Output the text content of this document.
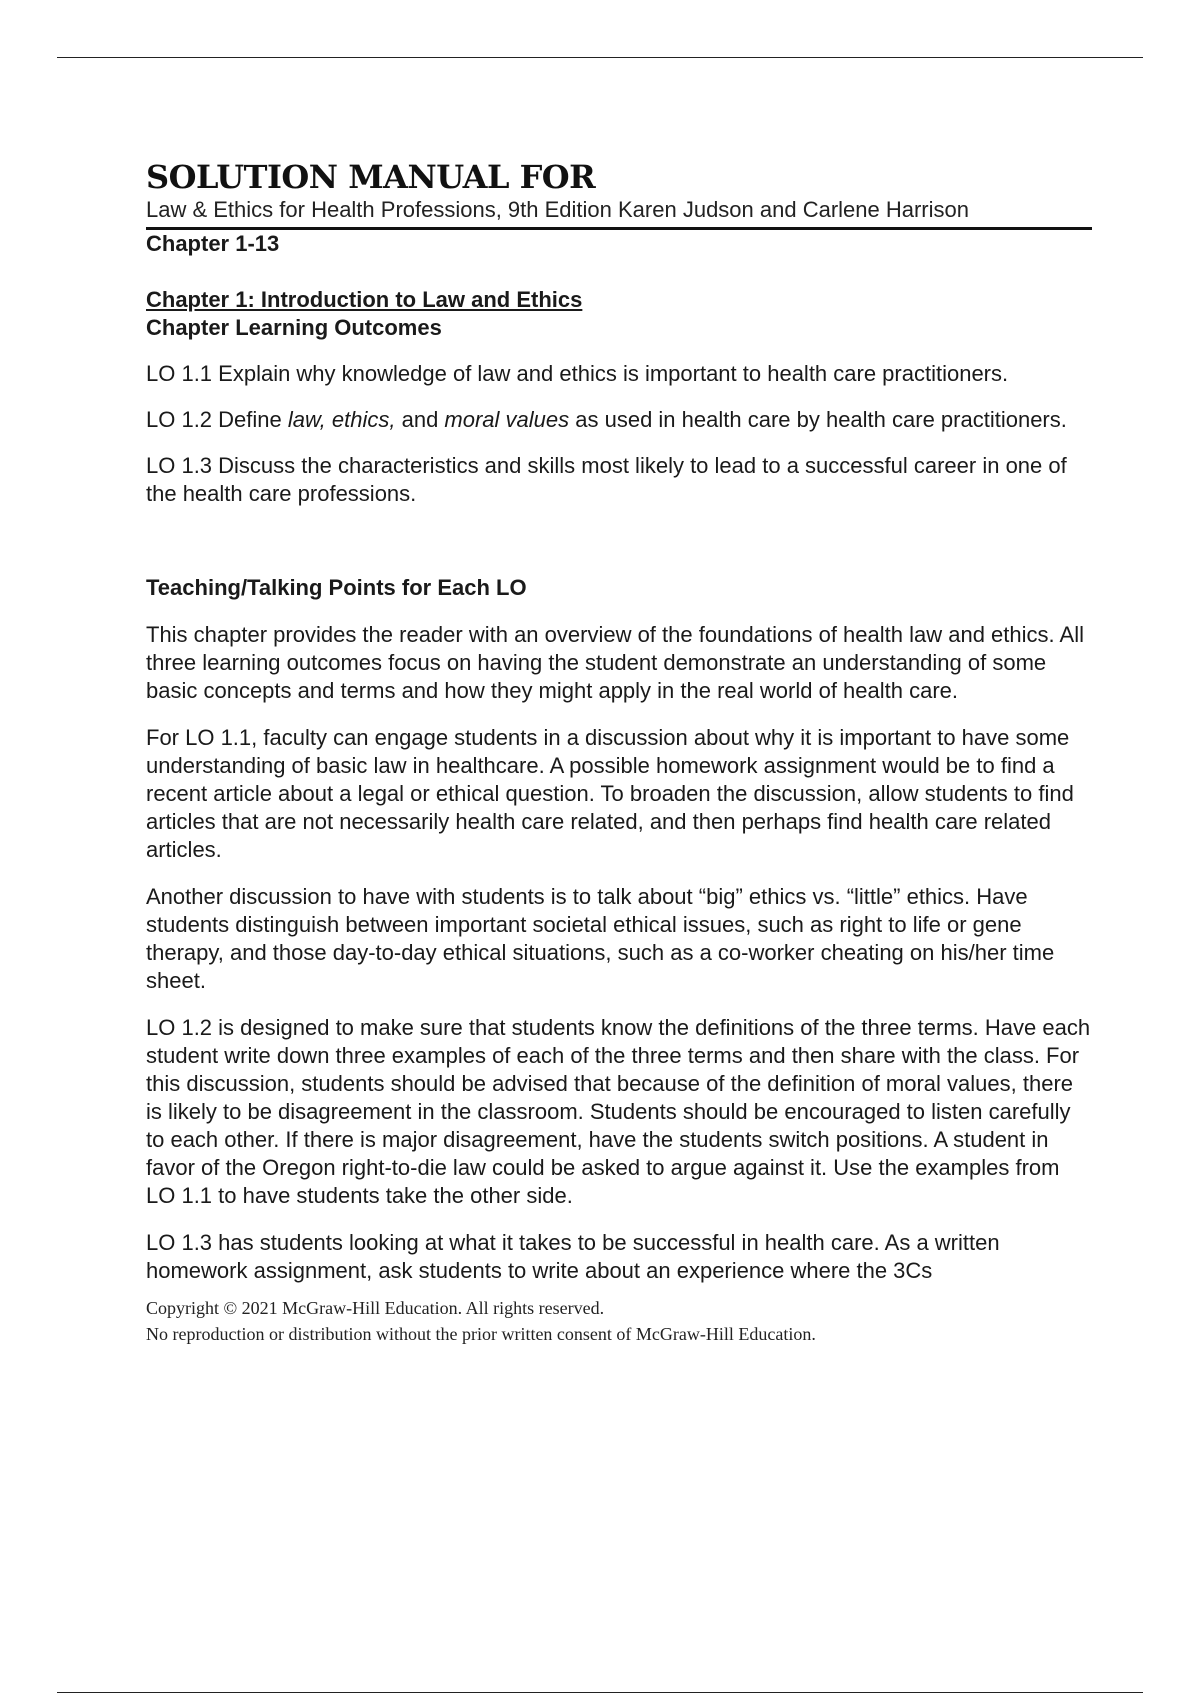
SOLUTION MANUAL FOR

Law & Ethics for Health Professions, 9th Edition Karen Judson and Carlene Harrison

Chapter 1-13

Chapter 1: Introduction to Law and Ethics

Chapter Learning Outcomes

LO 1.1 Explain why knowledge of law and ethics is important to health care practitioners.

LO 1.2 Define law, ethics, and moral values as used in health care by health care practitioners.

LO 1.3 Discuss the characteristics and skills most likely to lead to a successful career in one of the health care professions.

Teaching/Talking Points for Each LO

This chapter provides the reader with an overview of the foundations of health law and ethics. All three learning outcomes focus on having the student demonstrate an understanding of some basic concepts and terms and how they might apply in the real world of health care.

For LO 1.1, faculty can engage students in a discussion about why it is important to have some understanding of basic law in healthcare. A possible homework assignment would be to find a recent article about a legal or ethical question. To broaden the discussion, allow students to find articles that are not necessarily health care related, and then perhaps find health care related articles.

Another discussion to have with students is to talk about “big” ethics vs. “little” ethics. Have students distinguish between important societal ethical issues, such as right to life or gene therapy, and those day-to-day ethical situations, such as a co-worker cheating on his/her time sheet.

LO 1.2 is designed to make sure that students know the definitions of the three terms. Have each student write down three examples of each of the three terms and then share with the class. For this discussion, students should be advised that because of the definition of moral values, there is likely to be disagreement in the classroom. Students should be encouraged to listen carefully to each other. If there is major disagreement, have the students switch positions. A student in favor of the Oregon right-to-die law could be asked to argue against it. Use the examples from LO 1.1 to have students take the other side.

LO 1.3 has students looking at what it takes to be successful in health care. As a written homework assignment, ask students to write about an experience where the 3Cs

Copyright © 2021 McGraw-Hill Education. All rights reserved.
No reproduction or distribution without the prior written consent of McGraw-Hill Education.
